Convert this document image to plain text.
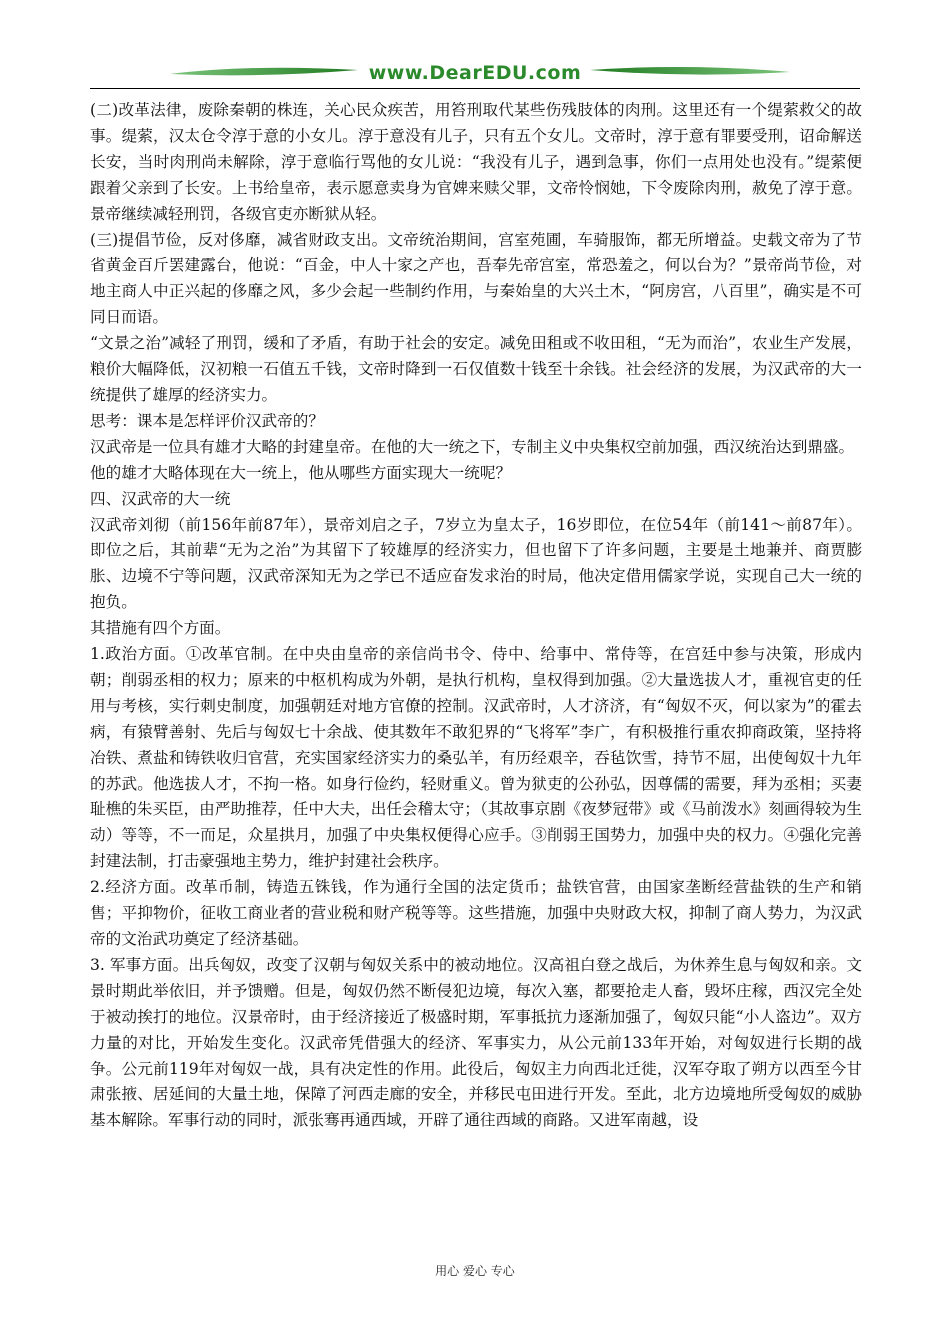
www.DearEDU.com

(二)改革法律，废除秦朝的株连，关心民众疾苦，用笞刑取代某些伤残肢体的肉刑。这里还有一个缇萦救父的故事。缇萦，汉太仓令淳于意的小女儿。淳于意没有儿子，只有五个女儿。文帝时，淳于意有罪要受刑，诏命解送长安，当时肉刑尚未解除，淳于意临行骂他的女儿说：“我没有儿子，遇到急事，你们一点用处也没有。”缇萦便跟着父亲到了长安。上书给皇帝，表示愿意卖身为官婢来赎父罪，文帝怜悯她，下令废除肉刑，赦免了淳于意。景帝继续减轻刑罚，各级官吏亦断狱从轻。

(三)提倡节俭，反对侈靡，减省财政支出。文帝统治期间，宫室苑圃，车骑服饰，都无所增益。史载文帝为了节省黄金百斤罢建露台，他说：“百金，中人十家之产也，吾奉先帝宫室，常恐羞之，何以台为？”景帝尚节俭，对地主商人中正兴起的侈靡之风，多少会起一些制约作用，与秦始皇的大兴土木，“阿房宫，八百里”，确实是不可同日而语。

“文景之治”减轻了刑罚，缓和了矛盾，有助于社会的安定。减免田租或不收田租，“无为而治”，农业生产发展，粮价大幅降低，汉初粮一石值五千钱，文帝时降到一石仅值数十钱至十余钱。社会经济的发展，为汉武帝的大一统提供了雄厚的经济实力。

思考：课本是怎样评价汉武帝的？

汉武帝是一位具有雄才大略的封建皇帝。在他的大一统之下，专制主义中央集权空前加强，西汉统治达到鼎盛。

他的雄才大略体现在大一统上，他从哪些方面实现大一统呢？

四、汉武帝的大一统

汉武帝刘彻（前156年前87年），景帝刘启之子，7岁立为皇太子，16岁即位，在位54年（前141～前87年）。即位之后，其前辈“无为之治”为其留下了较雄厚的经济实力，但也留下了许多问题，主要是土地兼并、商贾膨胀、边境不宁等问题，汉武帝深知无为之学已不适应奋发求治的时局，他决定借用儒家学说，实现自己大一统的抱负。

其措施有四个方面。

1.政治方面。①改革官制。在中央由皇帝的亲信尚书令、侍中、给事中、常侍等，在宫廷中参与决策，形成内朝；削弱丞相的权力；原来的中枢机构成为外朝，是执行机构，皇权得到加强。②大量选拔人才，重视官吏的任用与考核，实行刺史制度，加强朝廷对地方官僚的控制。汉武帝时，人才济济，有“匈奴不灭，何以家为”的霍去病，有猿臂善射、先后与匈奴七十余战、使其数年不敢犯界的“飞将军”李广，有积极推行重农抑商政策，坚持将冶铁、煮盐和铸铁收归官营，充实国家经济实力的桑弘羊，有历经艰辛，吞毡饮雪，持节不屈，出使匈奴十九年的苏武。他选拔人才，不拘一格。如身行俭约，轻财重义。曾为狱吏的公孙弘，因尊儒的需要，拜为丞相；买妻耻樵的朱买臣，由严助推荐，任中大夫，出任会稽太守；（其故事京剧《夜梦冠带》或《马前泼水》刻画得较为生动）等等，不一而足，众星拱月，加强了中央集权便得心应手。③削弱王国势力，加强中央的权力。④强化完善封建法制，打击豪强地主势力，维护封建社会秩序。

2.经济方面。改革币制，铸造五铢钱，作为通行全国的法定货币；盐铁官营，由国家垄断经营盐铁的生产和销售；平抑物价，征收工商业者的营业税和财产税等等。这些措施，加强中央财政大权，抑制了商人势力，为汉武帝的文治武功奠定了经济基础。

3. 军事方面。出兵匈奴，改变了汉朝与匈奴关系中的被动地位。汉高祖白登之战后，为休养生息与匈奴和亲。文景时期此举依旧，并予馈赠。但是，匈奴仍然不断侵犯边境，每次入塞，都要抢走人畜，毁坏庄稼，西汉完全处于被动挨打的地位。汉景帝时，由于经济接近了极盛时期，军事抵抗力逐渐加强了，匈奴只能“小人盗边”。双方力量的对比，开始发生变化。汉武帝凭借强大的经济、军事实力，从公元前133年开始，对匈奴进行长期的战争。公元前119年对匈奴一战，具有决定性的作用。此役后，匈奴主力向西北迁徙，汉军夺取了朔方以西至今甘肃张掖、居延间的大量土地，保障了河西走廊的安全，并移民屯田进行开发。至此，北方边境地所受匈奴的威胁基本解除。军事行动的同时，派张骞再通西域，开辟了通往西域的商路。又进军南越，设

用心 爱心 专心
